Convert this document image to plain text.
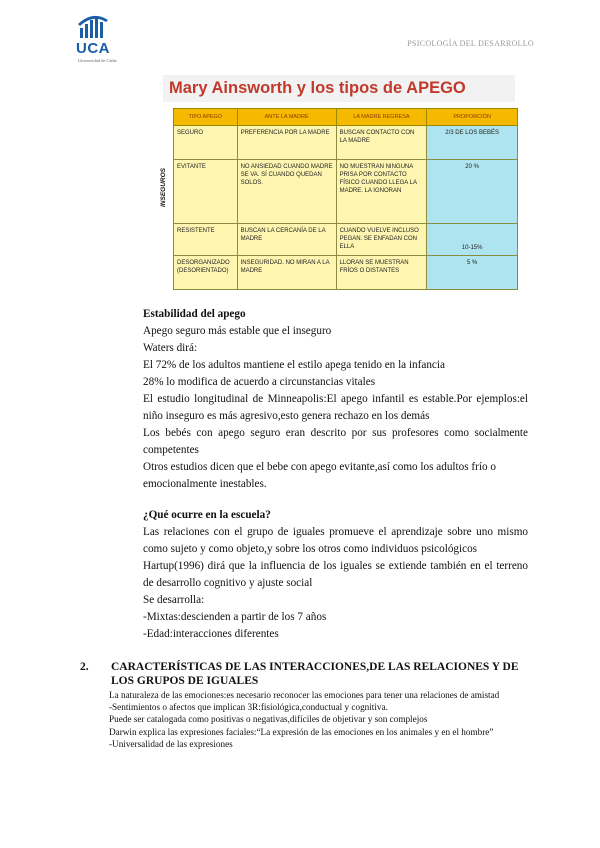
UCA
Universidad de Cádiz
PSICOLOGÍA DEL DESARROLLO
Mary Ainsworth y los tipos de APEGO
TIPO APEGO	ANTE LA MADRE	LA MADRE REGRESA	PROPORCIÓN
SEGURO	PREFERENCIA POR LA MADRE	BUSCAN CONTACTO CON LA MADRE	2/3 DE LOS BEBÉS
EVITANTE	NO ANSIEDAD CUANDO MADRE SE VA. SÍ CUANDO QUEDAN SOLOS.	NO MUESTRAN NINGUNA PRISA POR CONTACTO FÍSICO CUANDO LLEGA LA MADRE. LA IGNORAN	20 %
RESISTENTE	BUSCAN LA CERCANÍA DE LA MADRE	CUANDO VUELVE INCLUSO PEGAN. SE ENFADAN CON ELLA	10-15%
DESORGANIZADO (DESORIENTADO)	INSEGURIDAD. NO MIRAN A LA MADRE	LLORAN SE MUESTRAN FRÍOS O DISTANTES	5 %
INSEGUROS

Estabilidad del apego

Apego seguro más estable que el inseguro

Waters dirá:

El 72% de los adultos mantiene el estilo apega tenido en la infancia

28% lo modifica de acuerdo a circunstancias vitales

El estudio longitudinal de Minneapolis:El apego infantil es estable.Por ejemplos:el niño inseguro es más agresivo,esto genera rechazo en los demás

Los bebés con apego seguro eran descrito por sus profesores como socialmente competentes

Otros estudios dicen que el bebe con apego evitante,así como los adultos frío o emocionalmente inestables.

¿Qué ocurre en la escuela?

Las relaciones con el grupo de iguales promueve el aprendizaje sobre uno mismo como sujeto y como objeto,y sobre los otros como individuos psicológicos

Hartup(1996) dirá que la influencia de los iguales se extiende también en el terreno de desarrollo cognitivo y ajuste social

Se desarrolla:

-Mixtas:descienden a partir de los 7 años

-Edad:interacciones diferentes

2. CARACTERÍSTICAS DE LAS INTERACCIONES,DE LAS RELACIONES Y DE LOS GRUPOS DE IGUALES

La naturaleza de las emociones:es necesario reconocer las emociones para tener una relaciones de amistad

-Sentimientos o afectos que implican 3R:fisiológica,conductual y cognitiva.

Puede ser catalogada como positivas o negativas,difíciles de objetivar y son complejos

Darwin explica las expresiones faciales:“La expresión de las emociones en los animales y en el hombre”

-Universalidad de las expresiones
